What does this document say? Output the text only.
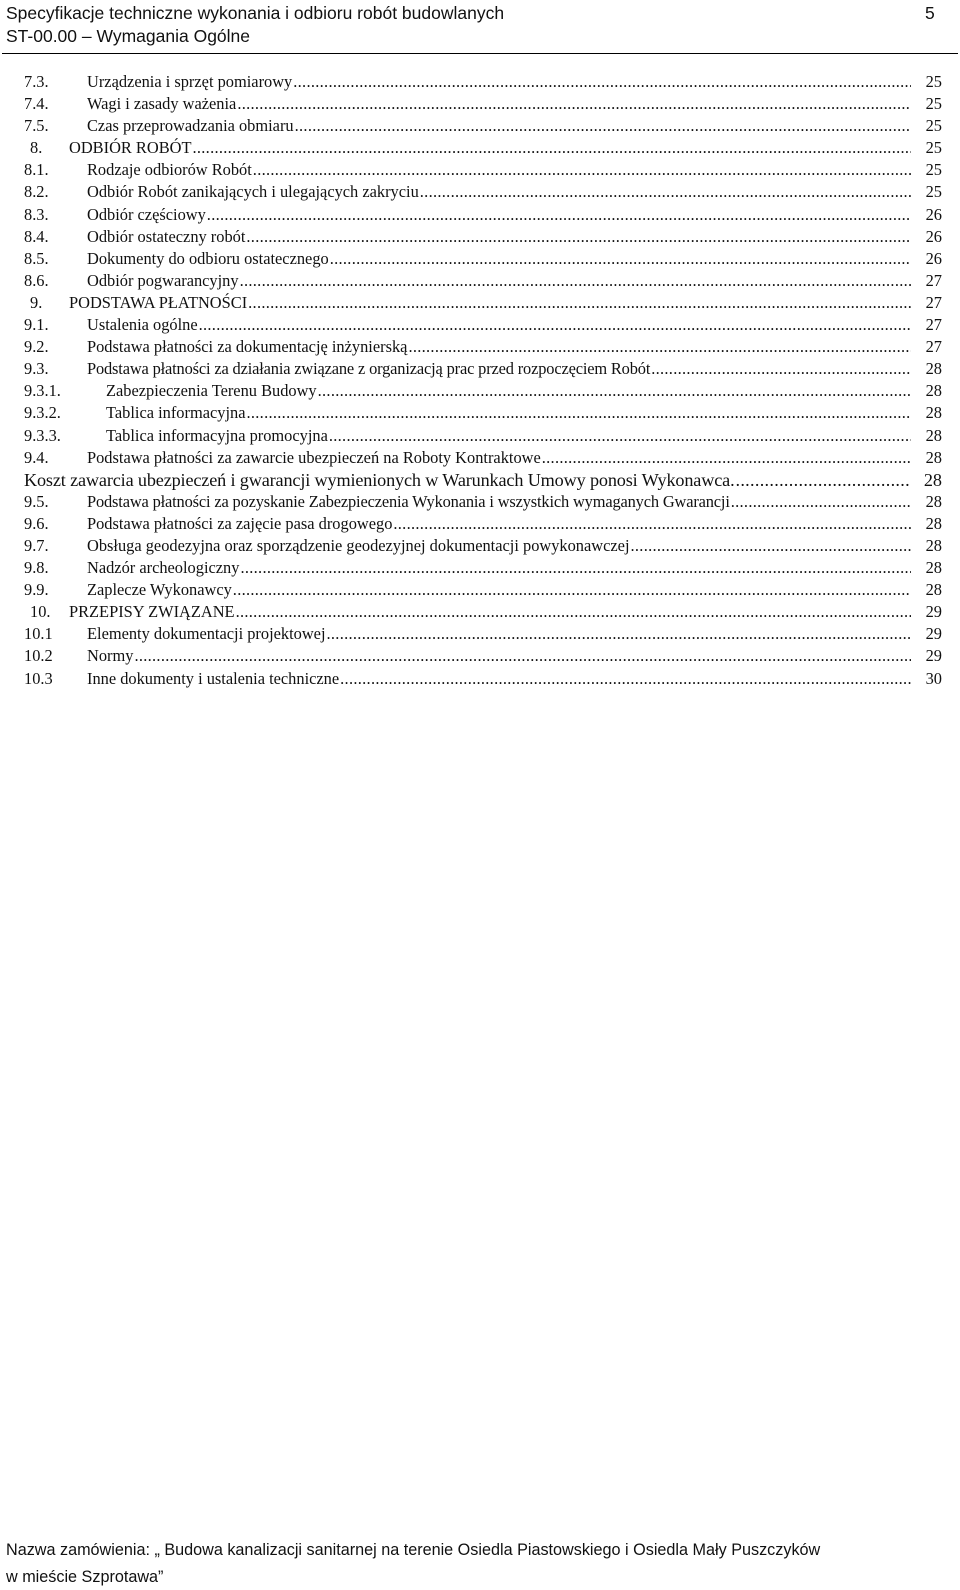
Specyfikacje techniczne wykonania i odbioru robót budowlanych	5
ST-00.00 – Wymagania Ogólne
7.3. Urządzenia i sprzęt pomiarowy .....	25
7.4. Wagi i zasady ważenia .....	25
7.5. Czas przeprowadzania obmiaru .....	25
8. ODBIÓR ROBÓT .....	25
8.1. Rodzaje odbiorów Robót .....	25
8.2. Odbiór Robót zanikających i ulegających zakryciu .....	25
8.3. Odbiór częściowy .....	26
8.4. Odbiór ostateczny robót .....	26
8.5. Dokumenty do odbioru ostatecznego .....	26
8.6. Odbiór pogwarancyjny .....	27
9. PODSTAWA PŁATNOŚCI .....	27
9.1. Ustalenia ogólne .....	27
9.2. Podstawa płatności za dokumentację inżynierską .....	27
9.3. Podstawa płatności za działania związane z organizacją prac przed rozpoczęciem Robót .....	28
9.3.1.	Zabezpieczenia Terenu Budowy .....	28
9.3.2.	Tablica informacyjna .....	28
9.3.3.	Tablica informacyjna promocyjna .....	28
9.4. Podstawa płatności za zawarcie ubezpieczeń na Roboty Kontraktowe .....	28
Koszt zawarcia ubezpieczeń i gwarancji wymienionych w Warunkach Umowy ponosi Wykonawca. .....	28
9.5. Podstawa płatności za pozyskanie Zabezpieczenia Wykonania i wszystkich wymaganych Gwarancji .....	28
9.6. Podstawa płatności za zajęcie pasa drogowego .....	28
9.7. Obsługa geodezyjna oraz sporządzenie geodezyjnej dokumentacji powykonawczej .....	28
9.8. Nadzór archeologiczny .....	28
9.9. Zaplecze Wykonawcy .....	28
10. PRZEPISY ZWIĄZANE .....	29
10.1 Elementy dokumentacji projektowej .....	29
10.2 Normy .....	29
10.3 Inne dokumenty i ustalenia techniczne .....	30
Nazwa zamówienia: „ Budowa kanalizacji sanitarnej na terenie Osiedla Piastowskiego i Osiedla Mały Puszczyków
w mieście Szprotawa”
